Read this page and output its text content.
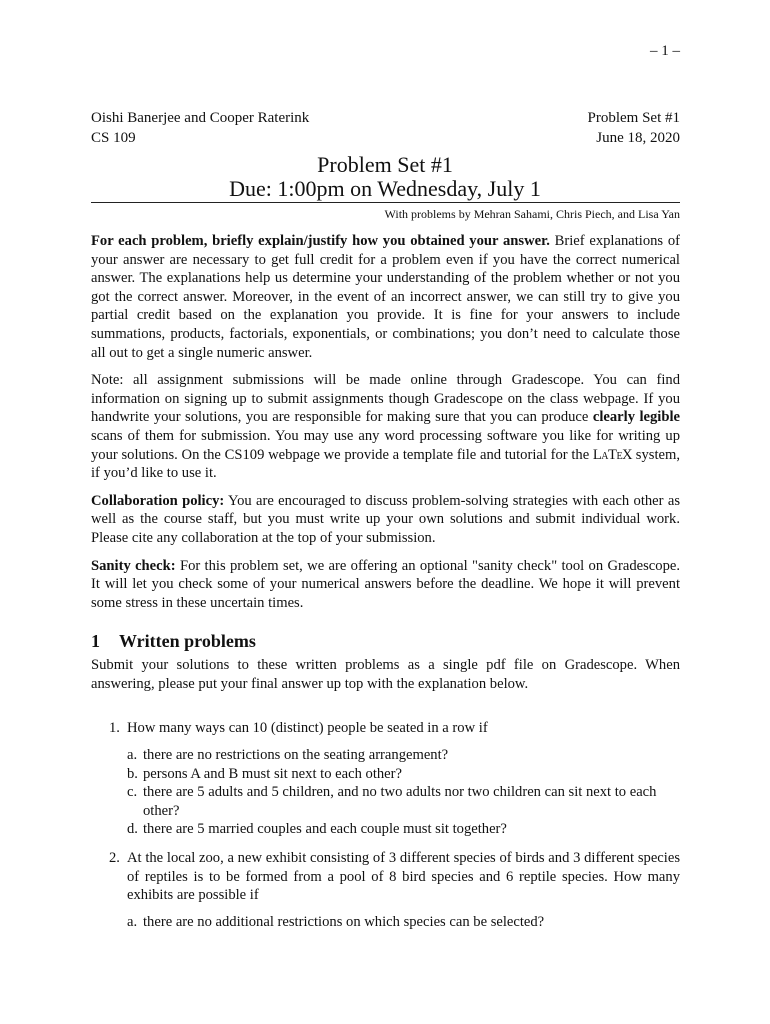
– 1 –
Oishi Banerjee and Cooper Raterink
CS 109
Problem Set #1
June 18, 2020
Problem Set #1
Due: 1:00pm on Wednesday, July 1
With problems by Mehran Sahami, Chris Piech, and Lisa Yan

For each problem, briefly explain/justify how you obtained your answer. Brief explanations of your answer are necessary to get full credit for a problem even if you have the correct numerical answer. The explanations help us determine your understanding of the problem whether or not you got the correct answer. Moreover, in the event of an incorrect answer, we can still try to give you partial credit based on the explanation you provide. It is fine for your answers to include summations, products, factorials, exponentials, or combinations; you don’t need to calculate those all out to get a single numeric answer.

Note: all assignment submissions will be made online through Gradescope. You can find information on signing up to submit assignments though Gradescope on the class webpage. If you handwrite your solutions, you are responsible for making sure that you can produce clearly legible scans of them for submission. You may use any word processing software you like for writing up your solutions. On the CS109 webpage we provide a template file and tutorial for the LaTeX system, if you’d like to use it.

Collaboration policy: You are encouraged to discuss problem-solving strategies with each other as well as the course staff, but you must write up your own solutions and submit individual work. Please cite any collaboration at the top of your submission.

Sanity check: For this problem set, we are offering an optional "sanity check" tool on Gradescope. It will let you check some of your numerical answers before the deadline. We hope it will prevent some stress in these uncertain times.

1 Written problems

Submit your solutions to these written problems as a single pdf file on Gradescope. When answering, please put your final answer up top with the explanation below.

1. How many ways can 10 (distinct) people be seated in a row if
a. there are no restrictions on the seating arrangement?
b. persons A and B must sit next to each other?
c. there are 5 adults and 5 children, and no two adults nor two children can sit next to each other?
d. there are 5 married couples and each couple must sit together?
2. At the local zoo, a new exhibit consisting of 3 different species of birds and 3 different species of reptiles is to be formed from a pool of 8 bird species and 6 reptile species. How many exhibits are possible if
a. there are no additional restrictions on which species can be selected?
